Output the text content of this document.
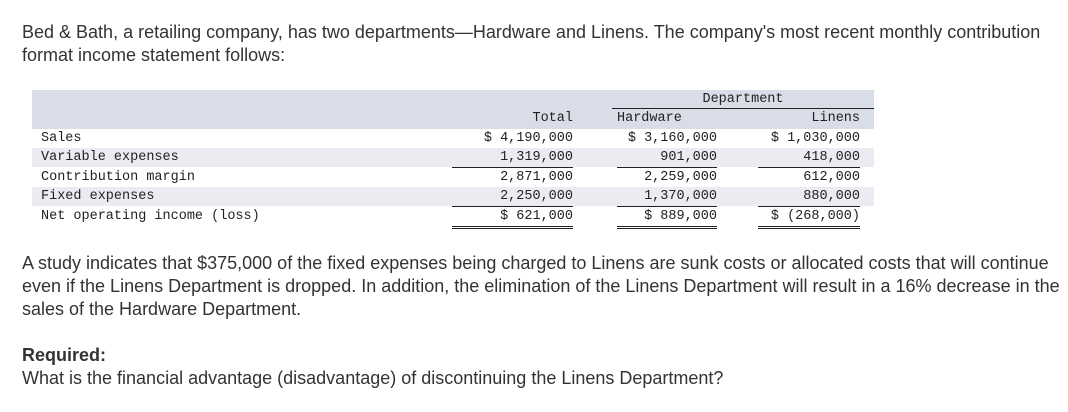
Bed & Bath, a retailing company, has two departments—Hardware and Linens. The company's most recent monthly contribution format income statement follows:

Department
Total	Hardware	Linens
Sales	$ 4,190,000	$ 3,160,000	$ 1,030,000
Variable expenses	1,319,000	901,000	418,000
Contribution margin	2,871,000	2,259,000	612,000
Fixed expenses	2,250,000	1,370,000	880,000
Net operating income (loss)	$ 621,000	$ 889,000	$ (268,000)

A study indicates that $375,000 of the fixed expenses being charged to Linens are sunk costs or allocated costs that will continue even if the Linens Department is dropped. In addition, the elimination of the Linens Department will result in a 16% decrease in the sales of the Hardware Department.

Required:

What is the financial advantage (disadvantage) of discontinuing the Linens Department?
